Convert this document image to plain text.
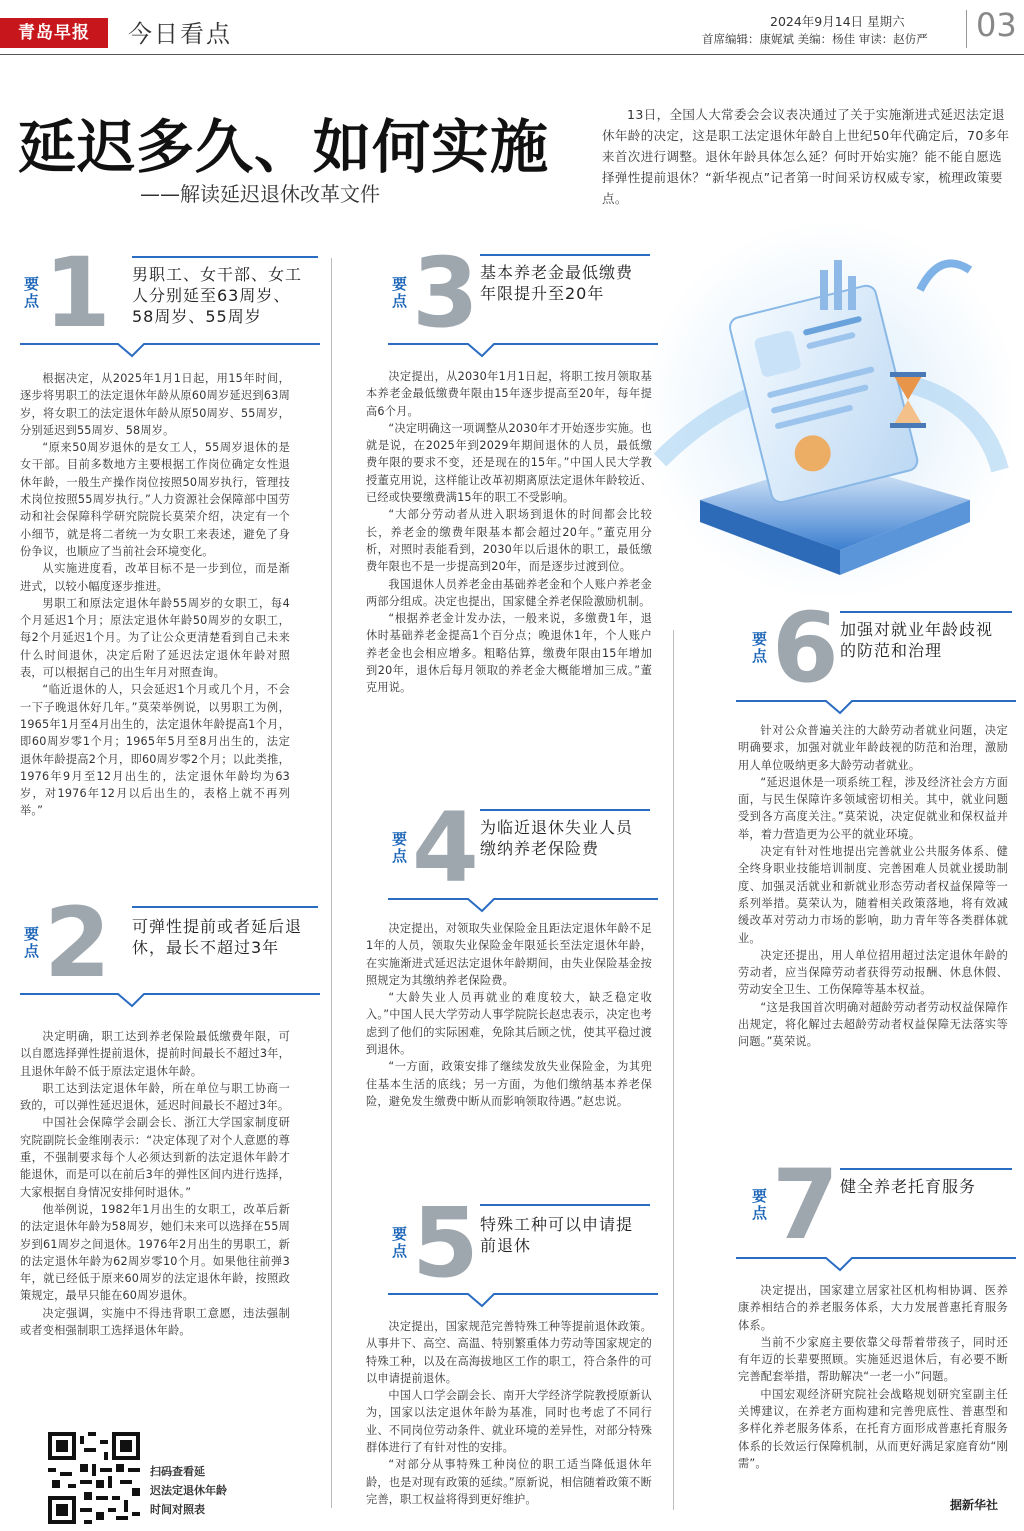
青岛早报	今日看点	2024年9月14日 星期六
首席编辑：康娓斌 美编：杨佳 审读：赵仿严 03
延迟多久、如何实施
——解读延迟退休改革文件
13日，全国人大常委会会议表决通过了关于实施渐进式延迟法定退休年龄的决定，这是职工法定退休年龄自上世纪50年代确定后，70多年来首次进行调整。退休年龄具体怎么延？何时开始实施？能不能自愿选择弹性提前退休？“新华视点”记者第一时间采访权威专家，梳理政策要点。
要点 1 男职工、女干部、女工人分别延至63周岁、58周岁、55周岁

根据决定，从2025年1月1日起，用15年时间，逐步将男职工的法定退休年龄从原60周岁延迟到63周岁，将女职工的法定退休年龄从原50周岁、55周岁，分别延迟到55周岁、58周岁。

“原来50周岁退休的是女工人，55周岁退休的是女干部。目前多数地方主要根据工作岗位确定女性退休年龄，一般生产操作岗位按照50周岁执行，管理技术岗位按照55周岁执行。”人力资源社会保障部中国劳动和社会保障科学研究院院长莫荣介绍，决定有一个小细节，就是将二者统一为女职工来表述，避免了身份争议，也顺应了当前社会环境变化。

从实施进度看，改革目标不是一步到位，而是渐进式，以较小幅度逐步推进。

男职工和原法定退休年龄55周岁的女职工，每4个月延迟1个月；原法定退休年龄50周岁的女职工，每2个月延迟1个月。为了让公众更清楚看到自己未来什么时间退休，决定后附了延迟法定退休年龄对照表，可以根据自己的出生年月对照查询。

“临近退休的人，只会延迟1个月或几个月，不会一下子晚退休好几年。”莫荣举例说，以男职工为例，1965年1月至4月出生的，法定退休年龄提高1个月，即60周岁零1个月；1965年5月至8月出生的，法定退休年龄提高2个月，即60周岁零2个月；以此类推，1976年9月至12月出生的，法定退休年龄均为63岁，对1976年12月以后出生的，表格上就不再列举。”

要点 2 可弹性提前或者延后退休，最长不超过3年

决定明确，职工达到养老保险最低缴费年限，可以自愿选择弹性提前退休，提前时间最长不超过3年，且退休年龄不低于原法定退休年龄。

职工达到法定退休年龄，所在单位与职工协商一致的，可以弹性延迟退休，延迟时间最长不超过3年。

中国社会保障学会副会长、浙江大学国家制度研究院副院长金维刚表示：“决定体现了对个人意愿的尊重，不强制要求每个人必须达到新的法定退休年龄才能退休，而是可以在前后3年的弹性区间内进行选择，大家根据自身情况安排何时退休。”

他举例说，1982年1月出生的女职工，改革后新的法定退休年龄为58周岁，她们未来可以选择在55周岁到61周岁之间退休。1976年2月出生的男职工，新的法定退休年龄为62周岁零10个月。如果他往前弹3年，就已经低于原来60周岁的法定退休年龄，按照政策规定，最早只能在60周岁退休。

决定强调，实施中不得违背职工意愿，违法强制或者变相强制职工选择退休年龄。

要点 3 基本养老金最低缴费年限提升至20年

决定提出，从2030年1月1日起，将职工按月领取基本养老金最低缴费年限由15年逐步提高至20年，每年提高6个月。

“决定明确这一项调整从2030年才开始逐步实施。也就是说，在2025年到2029年期间退休的人员，最低缴费年限的要求不变，还是现在的15年。”中国人民大学教授董克用说，这样能让改革初期离原法定退休年龄较近、已经或快要缴费满15年的职工不受影响。

“大部分劳动者从进入职场到退休的时间都会比较长，养老金的缴费年限基本都会超过20年。”董克用分析，对照时表能看到，2030年以后退休的职工，最低缴费年限也不是一步提高到20年，而是逐步过渡到位。

我国退休人员养老金由基础养老金和个人账户养老金两部分组成。决定也提出，国家健全养老保险激励机制。

“根据养老金计发办法，一般来说，多缴费1年，退休时基础养老金提高1个百分点；晚退休1年，个人账户养老金也会相应增多。粗略估算，缴费年限由15年增加到20年，退休后每月领取的养老金大概能增加三成。”董克用说。

要点 4 为临近退休失业人员缴纳养老保险费

决定提出，对领取失业保险金且距法定退休年龄不足1年的人员，领取失业保险金年限延长至法定退休年龄，在实施渐进式延迟法定退休年龄期间，由失业保险基金按照规定为其缴纳养老保险费。

“大龄失业人员再就业的难度较大，缺乏稳定收入。”中国人民大学劳动人事学院院长赵忠表示，决定也考虑到了他们的实际困难，免除其后顾之忧，使其平稳过渡到退休。

“一方面，政策安排了继续发放失业保险金，为其兜住基本生活的底线；另一方面，为他们缴纳基本养老保险，避免发生缴费中断从而影响领取待遇。”赵忠说。

要点 5 特殊工种可以申请提前退休

决定提出，国家规范完善特殊工种等提前退休政策。从事井下、高空、高温、特别繁重体力劳动等国家规定的特殊工种，以及在高海拔地区工作的职工，符合条件的可以申请提前退休。

中国人口学会副会长、南开大学经济学院教授原新认为，国家以法定退休年龄为基准，同时也考虑了不同行业、不同岗位劳动条件、就业环境的差异性，对部分特殊群体进行了有针对性的安排。

“对部分从事特殊工种岗位的职工适当降低退休年龄，也是对现有政策的延续。”原新说，相信随着政策不断完善，职工权益将得到更好维护。

要点 6 加强对就业年龄歧视的防范和治理

针对公众普遍关注的大龄劳动者就业问题，决定明确要求，加强对就业年龄歧视的防范和治理，激励用人单位吸纳更多大龄劳动者就业。

“延迟退休是一项系统工程，涉及经济社会方方面面，与民生保障许多领域密切相关。其中，就业问题受到各方高度关注。”莫荣说，决定促就业和保权益并举，着力营造更为公平的就业环境。

决定有针对性地提出完善就业公共服务体系、健全终身职业技能培训制度、完善困难人员就业援助制度、加强灵活就业和新就业形态劳动者权益保障等一系列举措。莫荣认为，随着相关政策落地，将有效减缓改革对劳动力市场的影响，助力青年等各类群体就业。

决定还提出，用人单位招用超过法定退休年龄的劳动者，应当保障劳动者获得劳动报酬、休息休假、劳动安全卫生、工伤保障等基本权益。

“这是我国首次明确对超龄劳动者劳动权益保障作出规定，将化解过去超龄劳动者权益保障无法落实等问题。”莫荣说。

要点 7 健全养老托育服务

决定提出，国家建立居家社区机构相协调、医养康养相结合的养老服务体系，大力发展普惠托育服务体系。

当前不少家庭主要依靠父母帮着带孩子，同时还有年迈的长辈要照顾。实施延迟退休后，有必要不断完善配套举措，帮助解决“一老一小”问题。

中国宏观经济研究院社会战略规划研究室副主任关博建议，在养老方面构建和完善兜底性、普惠型和多样化养老服务体系，在托育方面形成普惠托育服务体系的长效运行保障机制，从而更好满足家庭育幼“刚需”。

扫码查看延
迟法定退休年龄
时间对照表	据新华社
